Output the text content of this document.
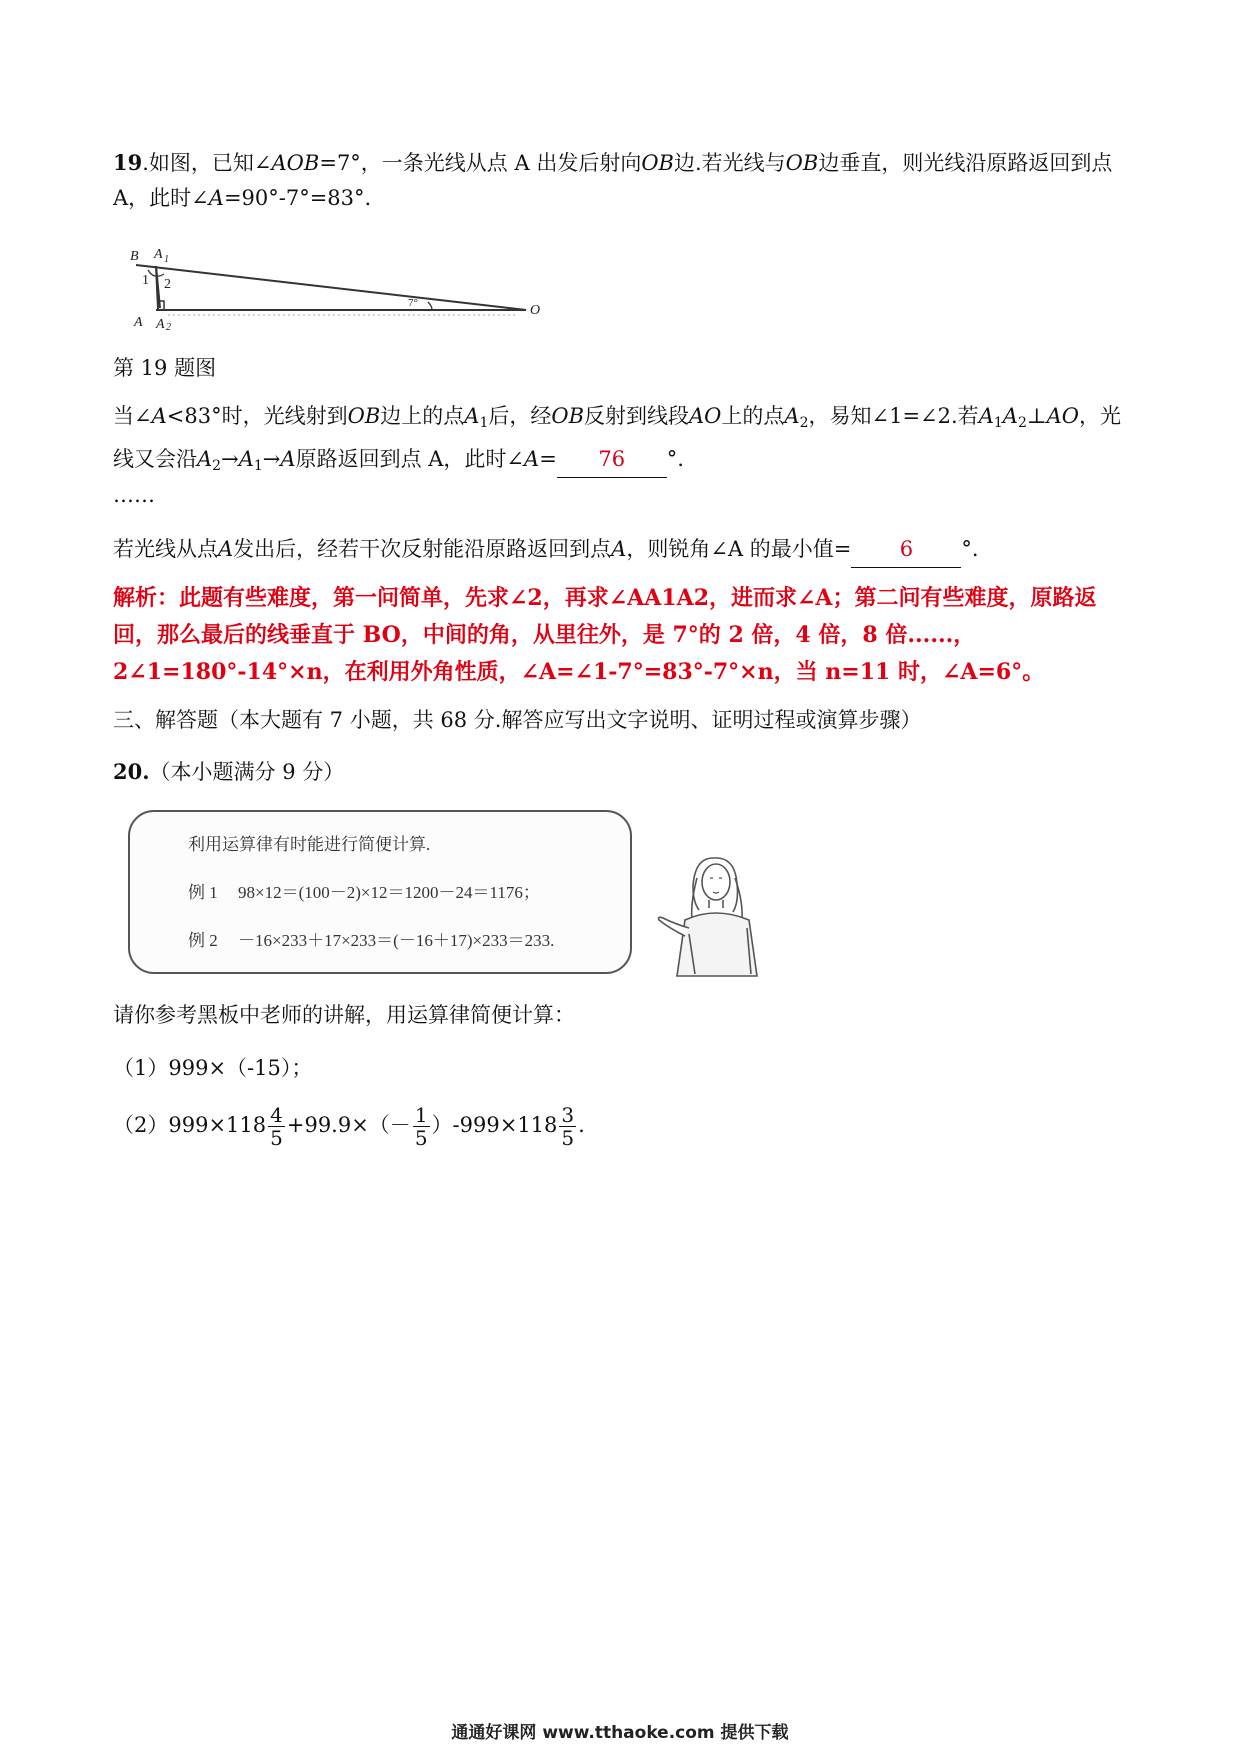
19.如图，已知∠AOB=7°，一条光线从点 A 出发后射向OB边.若光线与OB边垂直，则光线沿原路返回到点 A，此时∠A=90°-7°=83°.
B A 1
1 2
A A 2
O
7°
第 19 题图
当∠A<83°时，光线射到OB边上的点$A_1$后，经OB反射到线段AO上的点$A_2$，易知∠1=∠2.若$A_1A_2\perp AO$，光线又会沿$A_2\to A_1\to A$原路返回到点 A，此时∠A= 76 °.
……
若光线从点A发出后，经若干次反射能沿原路返回到点A，则锐角∠A 的最小值= 6 °.
解析：此题有些难度，第一问简单，先求∠2，再求∠AA1A2，进而求∠A；第二问有些难度，原路返回，那么最后的线垂直于 BO，中间的角，从里往外，是 7°的 2 倍，4 倍，8 倍......，2∠1=180°-14°×n，在利用外角性质，∠A=∠1-7°=83°-7°×n，当 n=11 时，∠A=6°。
三、解答题（本大题有 7 小题，共 68 分.解答应写出文字说明、证明过程或演算步骤）
20.（本小题满分 9 分）
利用运算律有时能进行简便计算.
例 1 98×12＝(100－2)×12＝1200－24＝1176；
例 2 －16×233＋17×233＝(－16＋17)×233＝233.
请你参考黑板中老师的讲解，用运算律简便计算：
（1）999×（-15）；
$(2)999\times 118 \frac{4}{5} +99.9\times(- \frac{1}{5} )-999\times 118 \frac{3}{5}$ .
通通好课网 www.tthaoke.com 提供下载
